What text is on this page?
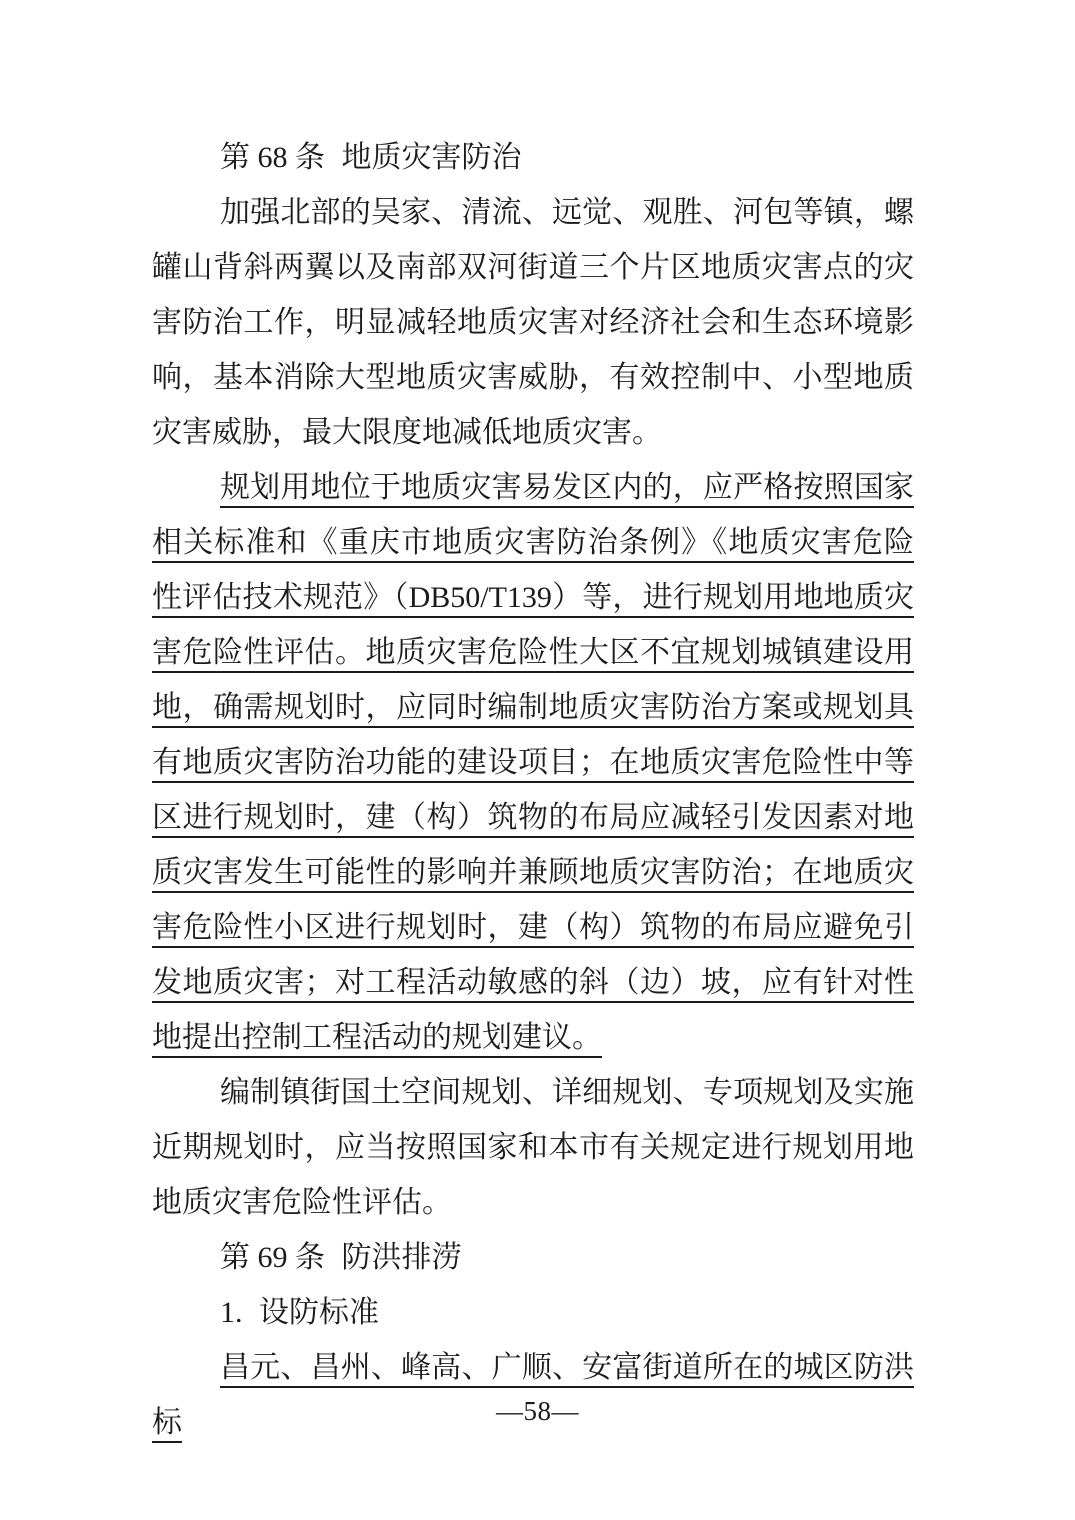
第 68 条 地质灾害防治

加强北部的吴家、清流、远觉、观胜、河包等镇，螺罐山背斜两翼以及南部双河街道三个片区地质灾害点的灾害防治工作，明显减轻地质灾害对经济社会和生态环境影响，基本消除大型地质灾害威胁，有效控制中、小型地质灾害威胁，最大限度地减低地质灾害。

规划用地位于地质灾害易发区内的，应严格按照国家相关标准和《重庆市地质灾害防治条例》《地质灾害危险性评估技术规范》（DB50/T139）等，进行规划用地地质灾害危险性评估。地质灾害危险性大区不宜规划城镇建设用地，确需规划时，应同时编制地质灾害防治方案或规划具有地质灾害防治功能的建设项目；在地质灾害危险性中等区进行规划时，建（构）筑物的布局应减轻引发因素对地质灾害发生可能性的影响并兼顾地质灾害防治；在地质灾害危险性小区进行规划时，建（构）筑物的布局应避免引发地质灾害；对工程活动敏感的斜（边）坡，应有针对性地提出控制工程活动的规划建议。

编制镇街国土空间规划、详细规划、专项规划及实施近期规划时，应当按照国家和本市有关规定进行规划用地地质灾害危险性评估。

第 69 条 防洪排涝
1. 设防标准

昌元、昌州、峰高、广顺、安富街道所在的城区防洪标	—58—
